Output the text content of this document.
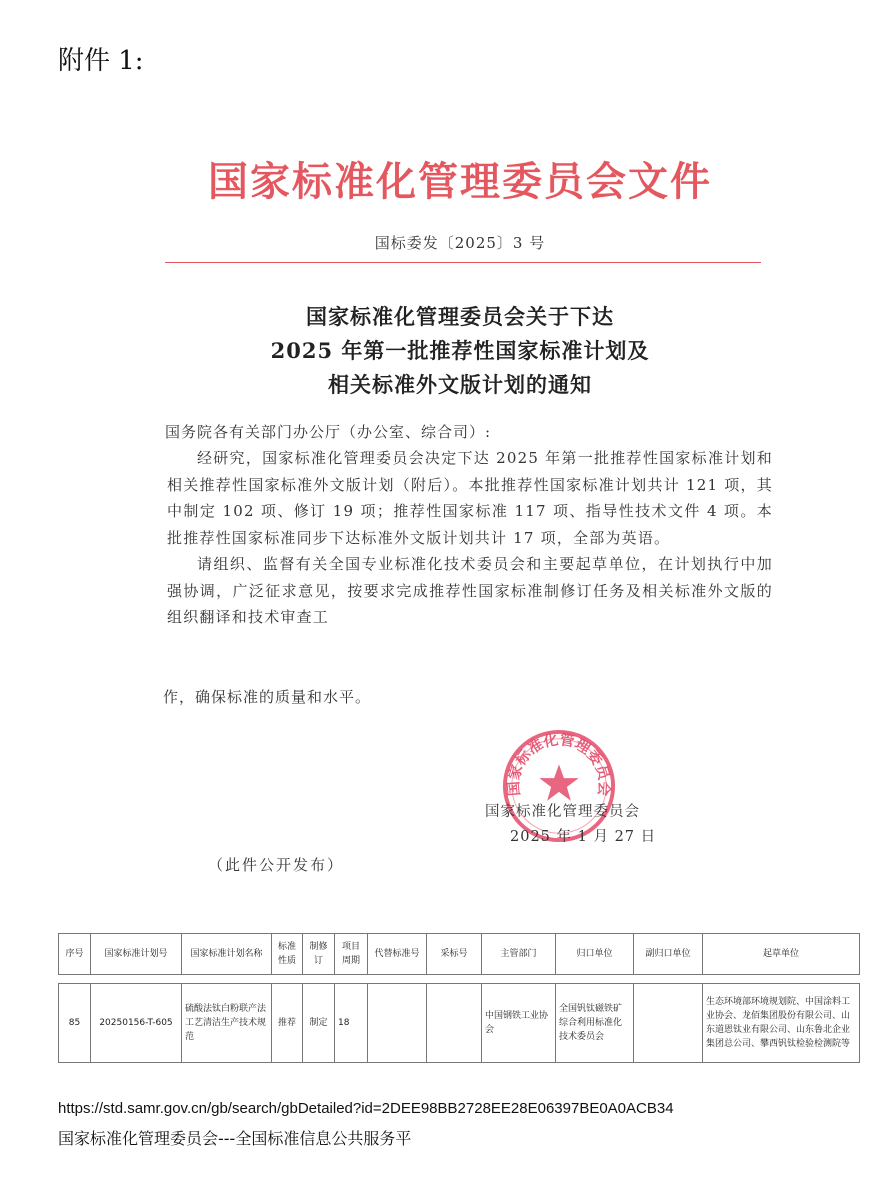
附件 1:
国家标准化管理委员会文件
国标委发〔2025〕3 号
国家标准化管理委员会关于下达
2025 年第一批推荐性国家标准计划及
相关标准外文版计划的通知
国务院各有关部门办公厅（办公室、综合司）:

经研究，国家标准化管理委员会决定下达 2025 年第一批推荐性国家标准计划和相关推荐性国家标准外文版计划（附后）。本批推荐性国家标准计划共计 121 项，其中制定 102 项、修订 19 项；推荐性国家标准 117 项、指导性技术文件 4 项。本批推荐性国家标准同步下达标准外文版计划共计 17 项，全部为英语。

请组织、监督有关全国专业标准化技术委员会和主要起草单位，在计划执行中加强协调，广泛征求意见，按要求完成推荐性国家标准制修订任务及相关标准外文版的组织翻译和技术审查工

作，确保标准的质量和水平。
国家标准化管理委员会
国家标准化管理委员会
2025 年 1 月 27 日
（此件公开发布）
序号	国家标准计划号	国家标准计划名称	标准性质	制修订	项目周期	代替标准号	采标号	主管部门	归口单位	副归口单位	起草单位

85	20250156-T-605	硫酸法钛白粉联产法工艺清洁生产技术规范	推荐	制定	18			中国钢铁工业协会	全国钒钛磁铁矿综合利用标准化技术委员会		生态环境部环境规划院、中国涂料工业协会、龙佰集团股份有限公司、山东道恩钛业有限公司、山东鲁北企业集团总公司、攀西钒钛检验检测院等
https://std.samr.gov.cn/gb/search/gbDetailed?id=2DEE98BB2728EE28E06397BE0A0ACB34
国家标准化管理委员会---全国标准信息公共服务平
